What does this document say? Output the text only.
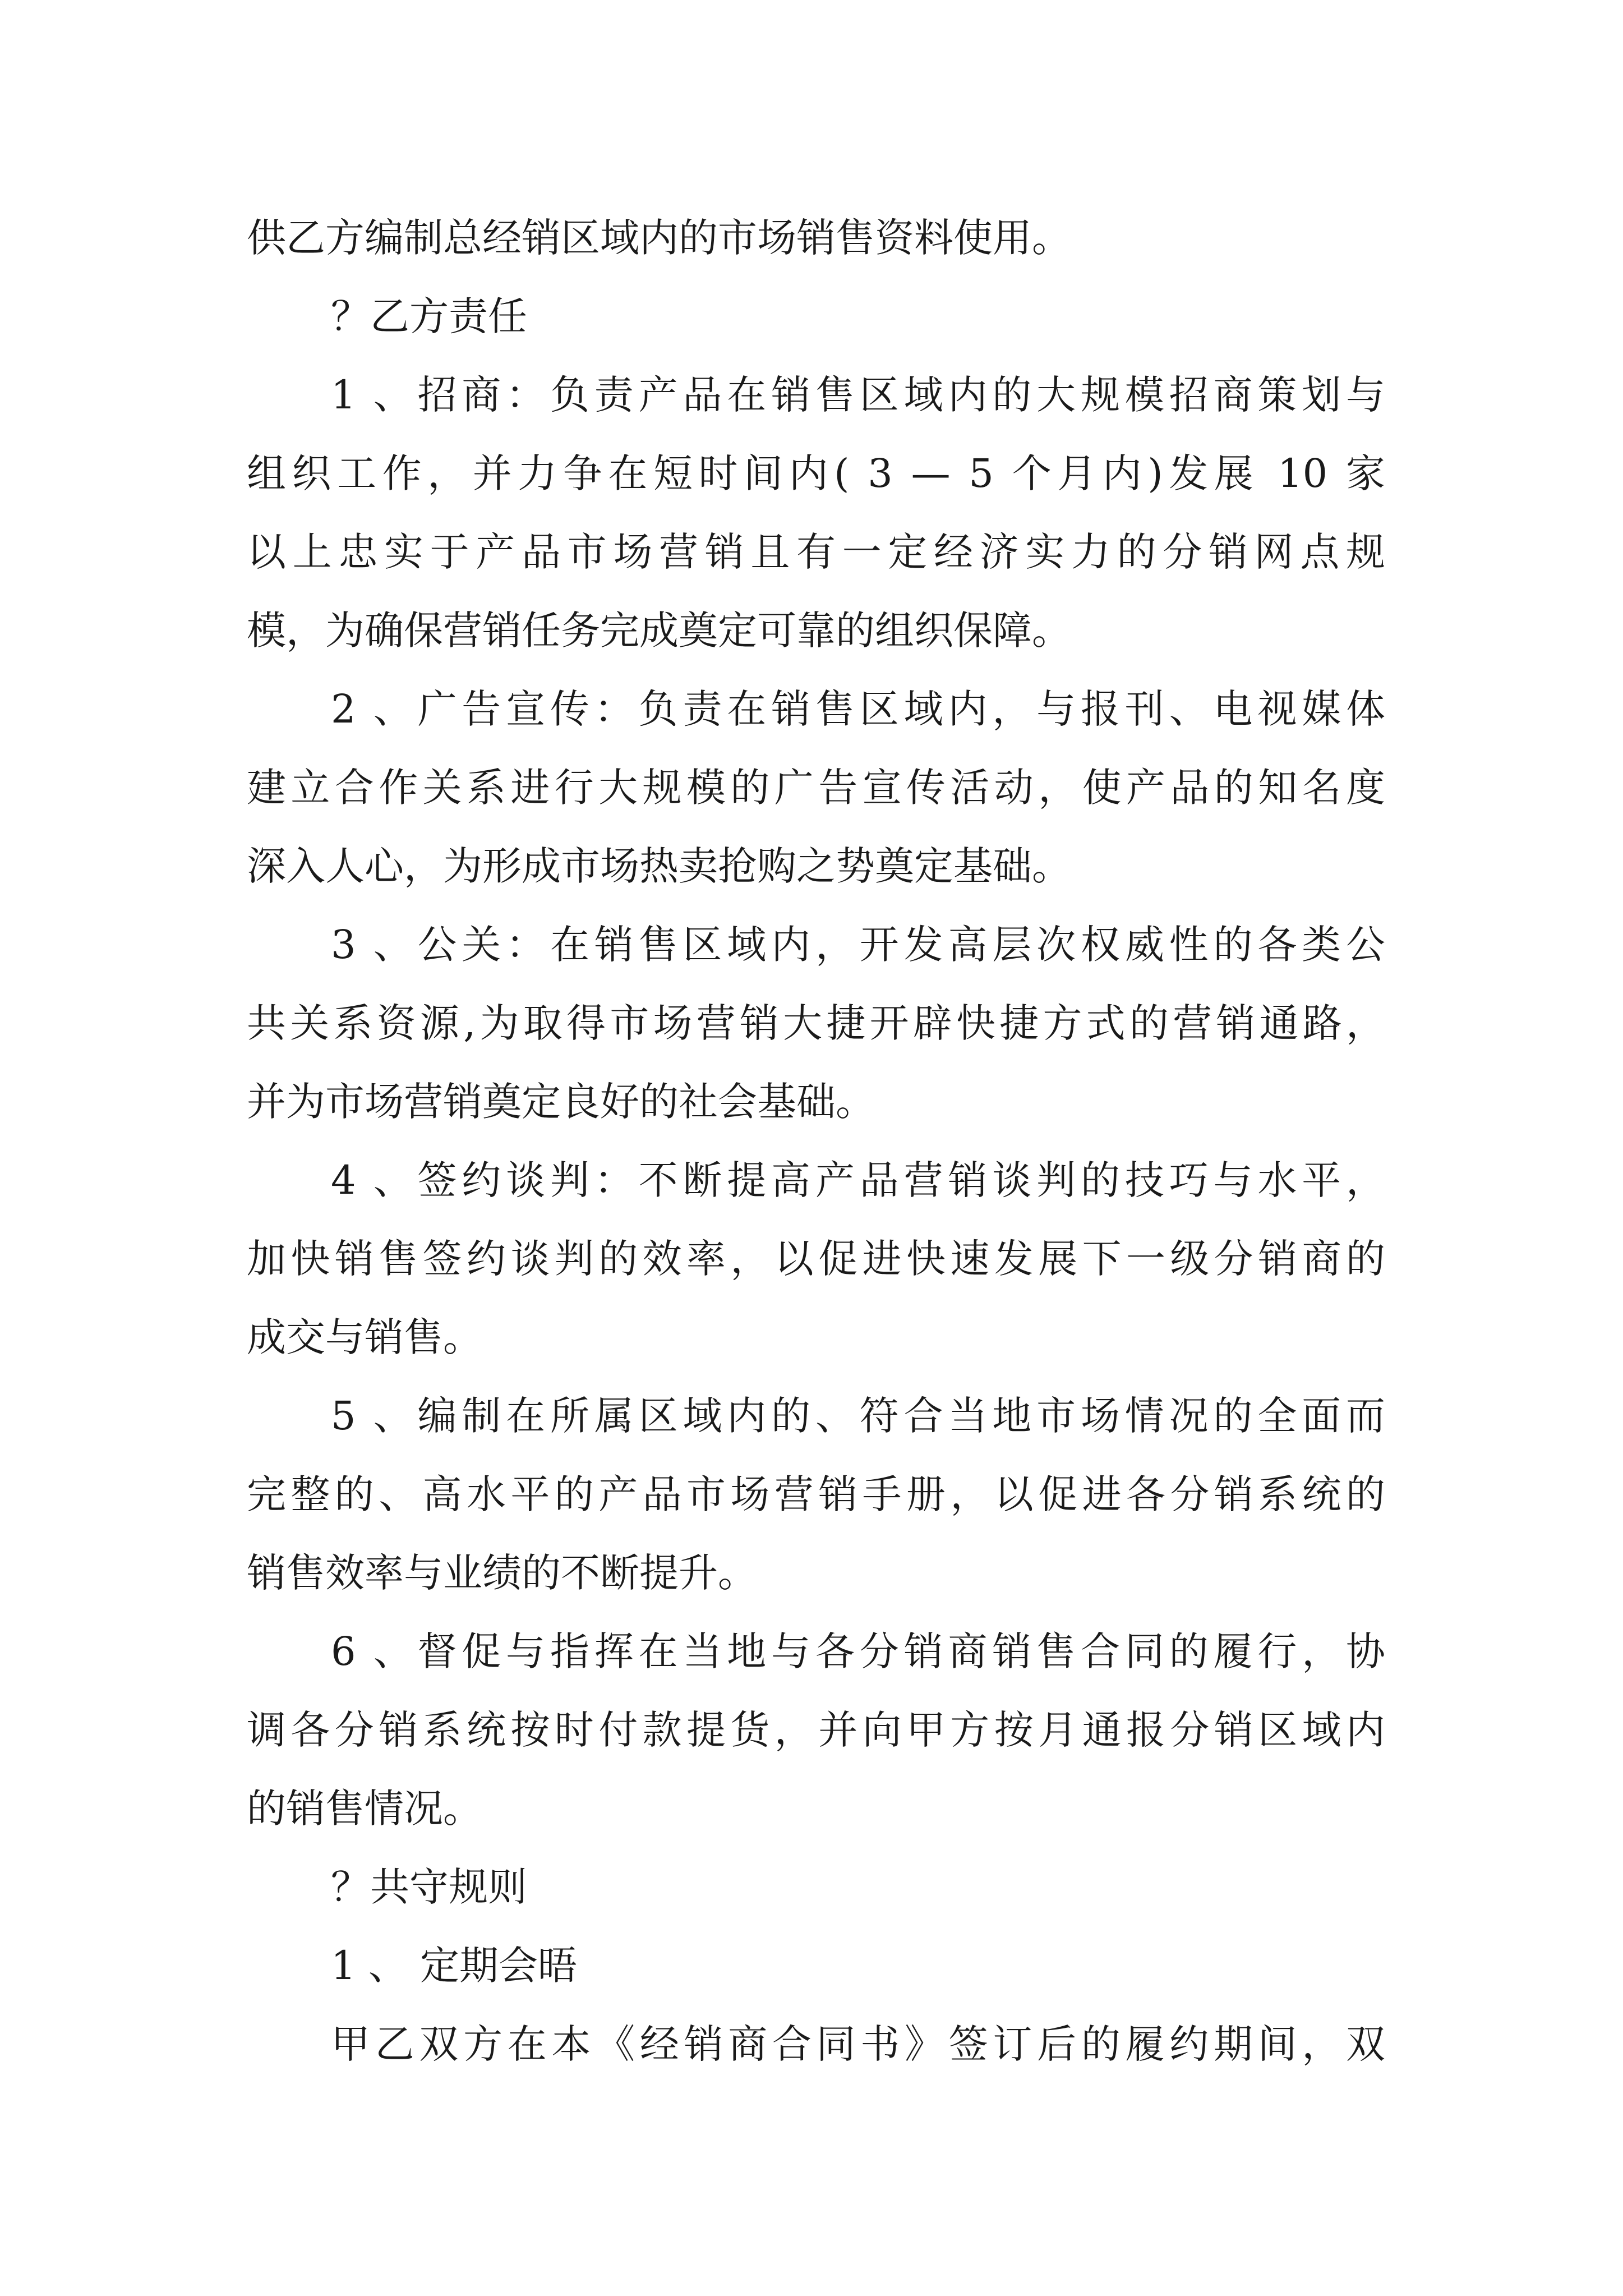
供乙方编制总经销区域内的市场销售资料使用。
？乙方责任
1 、招商：负责产品在销售区域内的大规模招商策划与
组织工作，并力争在短时间内( 3 — 5 个月内)发展 10 家
以上忠实于产品市场营销且有一定经济实力的分销网点规
模，为确保营销任务完成奠定可靠的组织保障。
2 、广告宣传：负责在销售区域内，与报刊、电视媒体
建立合作关系进行大规模的广告宣传活动，使产品的知名度
深入人心，为形成市场热卖抢购之势奠定基础。
3 、公关：在销售区域内，开发高层次权威性的各类公
共关系资源,为取得市场营销大捷开辟快捷方式的营销通路，
并为市场营销奠定良好的社会基础。
4 、签约谈判：不断提高产品营销谈判的技巧与水平，
加快销售签约谈判的效率，以促进快速发展下一级分销商的
成交与销售。
5 、编制在所属区域内的、符合当地市场情况的全面而
完整的、高水平的产品市场营销手册，以促进各分销系统的
销售效率与业绩的不断提升。
6 、督促与指挥在当地与各分销商销售合同的履行，协
调各分销系统按时付款提货，并向甲方按月通报分销区域内
的销售情况。
？共守规则
1 、 定期会晤
甲乙双方在本《经销商合同书》签订后的履约期间，双
